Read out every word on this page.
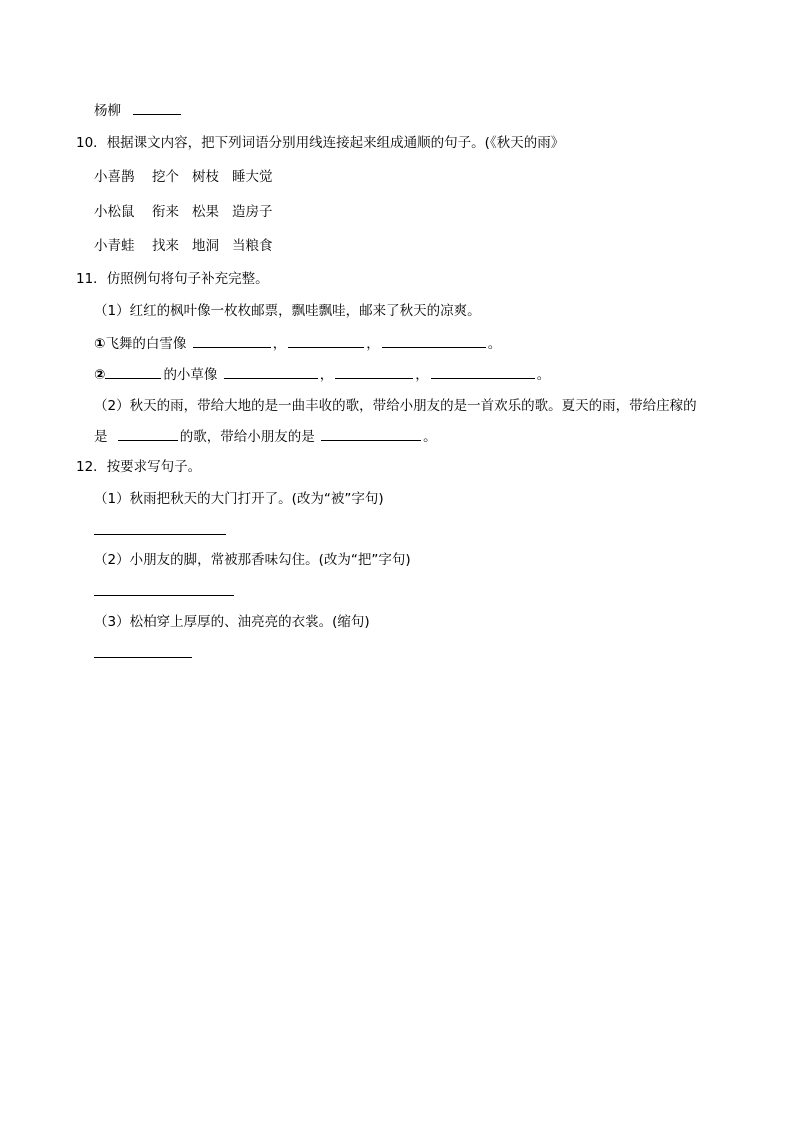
杨柳
10．根据课文内容，把下列词语分别用线连接起来组成通顺的句子。(《秋天的雨》
小喜鹊 挖个 树枝 睡大觉
小松鼠 衔来 松果 造房子
小青蛙 找来 地洞 当粮食
11．仿照例句将句子补充完整。
（1）红红的枫叶像一枚枚邮票，飘哇飘哇，邮来了秋天的凉爽。
①飞舞的白雪像	，	，	。
②	的小草像	，	，	。
（2）秋天的雨，带给大地的是一曲丰收的歌，带给小朋友的是一首欢乐的歌。夏天的雨，带给庄稼的
是	的歌，带给小朋友的是	。
12．按要求写句子。
（1）秋雨把秋天的大门打开了。(改为“被”字句)
（2）小朋友的脚，常被那香味勾住。(改为“把”字句)
（3）松柏穿上厚厚的、油亮亮的衣裳。(缩句)
